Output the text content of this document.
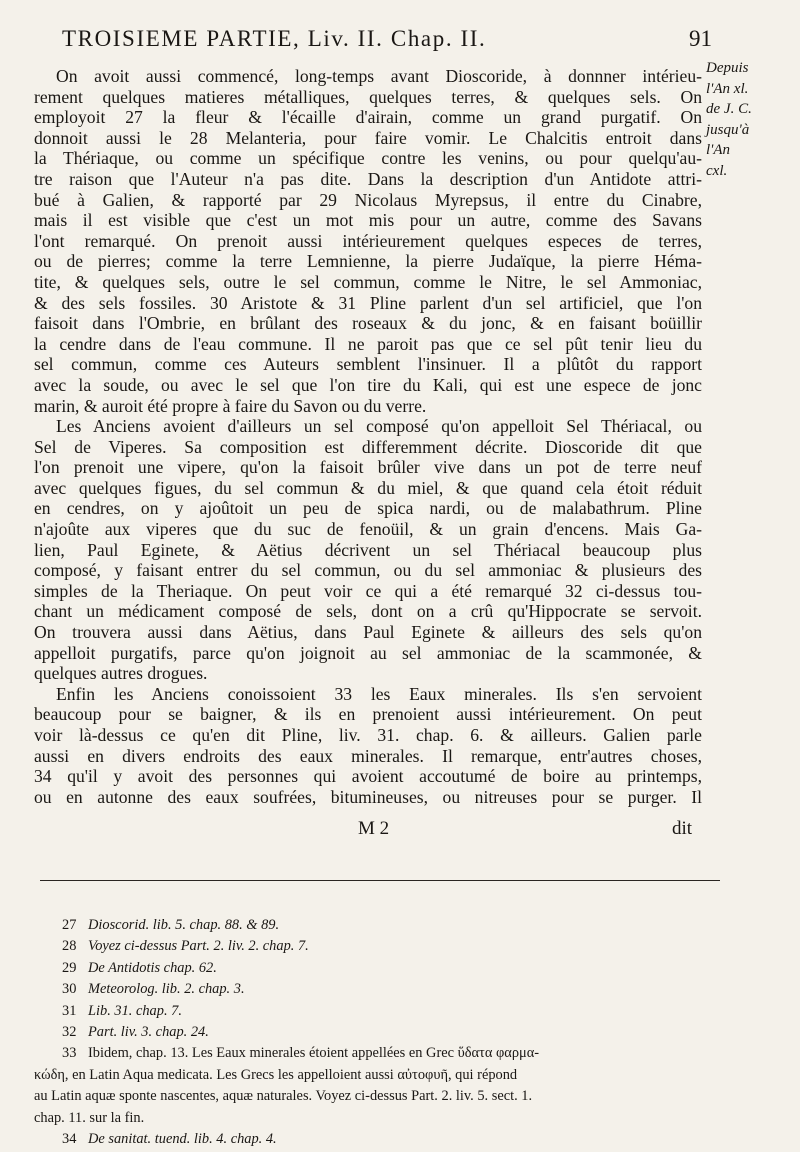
TROISIEME PARTIE, Liv. II. Chap. II.	91
Depuis
l'An xl.
de J. C.
jusqu'à
l'An
cxl.
On avoit aussi commencé, long-temps avant Dioscoride, à donnner intérieu-
rement quelques matieres métalliques, quelques terres, & quelques sels. On
employoit 27 la fleur & l'écaille d'airain, comme un grand purgatif. On
donnoit aussi le 28 Melanteria, pour faire vomir. Le Chalcitis entroit dans
la Thériaque, ou comme un spécifique contre les venins, ou pour quelqu'au-
tre raison que l'Auteur n'a pas dite. Dans la description d'un Antidote attri-
bué à Galien, & rapporté par 29 Nicolaus Myrepsus, il entre du Cinabre,
mais il est visible que c'est un mot mis pour un autre, comme des Savans
l'ont remarqué. On prenoit aussi intérieurement quelques especes de terres,
ou de pierres; comme la terre Lemnienne, la pierre Judaïque, la pierre Héma-
tite, & quelques sels, outre le sel commun, comme le Nitre, le sel Ammoniac,
& des sels fossiles. 30 Aristote & 31 Pline parlent d'un sel artificiel, que l'on
faisoit dans l'Ombrie, en brûlant des roseaux & du jonc, & en faisant boüillir
la cendre dans de l'eau commune. Il ne paroit pas que ce sel pût tenir lieu du
sel commun, comme ces Auteurs semblent l'insinuer. Il a plûtôt du rapport
avec la soude, ou avec le sel que l'on tire du Kali, qui est une espece de jonc
marin, & auroit été propre à faire du Savon ou du verre.
Les Anciens avoient d'ailleurs un sel composé qu'on appelloit Sel Thériacal, ou
Sel de Viperes. Sa composition est differemment décrite. Dioscoride dit que
l'on prenoit une vipere, qu'on la faisoit brûler vive dans un pot de terre neuf
avec quelques figues, du sel commun & du miel, & que quand cela étoit réduit
en cendres, on y ajoûtoit un peu de spica nardi, ou de malabathrum. Pline
n'ajoûte aux viperes que du suc de fenoüil, & un grain d'encens. Mais Ga-
lien, Paul Eginete, & Aëtius décrivent un sel Thériacal beaucoup plus
composé, y faisant entrer du sel commun, ou du sel ammoniac & plusieurs des
simples de la Theriaque. On peut voir ce qui a été remarqué 32 ci-dessus tou-
chant un médicament composé de sels, dont on a crû qu'Hippocrate se servoit.
On trouvera aussi dans Aëtius, dans Paul Eginete & ailleurs des sels qu'on
appelloit purgatifs, parce qu'on joignoit au sel ammoniac de la scammonée, &
quelques autres drogues.
Enfin les Anciens conoissoient 33 les Eaux minerales. Ils s'en servoient
beaucoup pour se baigner, & ils en prenoient aussi intérieurement. On peut
voir là-dessus ce qu'en dit Pline, liv. 31. chap. 6. & ailleurs. Galien parle
aussi en divers endroits des eaux minerales. Il remarque, entr'autres choses,
34 qu'il y avoit des personnes qui avoient accoutumé de boire au printemps,
ou en autonne des eaux soufrées, bitumineuses, ou nitreuses pour se purger. Il
M 2	dit
27 Dioscorid. lib. 5. chap. 88. & 89.
28 Voyez ci-dessus Part. 2. liv. 2. chap. 7.
29 De Antidotis chap. 62.
30 Meteorolog. lib. 2. chap. 3.
31 Lib. 31. chap. 7.
32 Part. liv. 3. chap. 24.
33 Ibidem, chap. 13. Les Eaux minerales étoient appellées en Grec ὕδατα φαρμα-
κώδη, en Latin Aqua medicata. Les Grecs les appelloient aussi αὐτοφυῆ, qui répond
au Latin aquæ sponte nascentes, aquæ naturales. Voyez ci-dessus Part. 2. liv. 5. sect. 1.
chap. 11. sur la fin.
34 De sanitat. tuend. lib. 4. chap. 4.
